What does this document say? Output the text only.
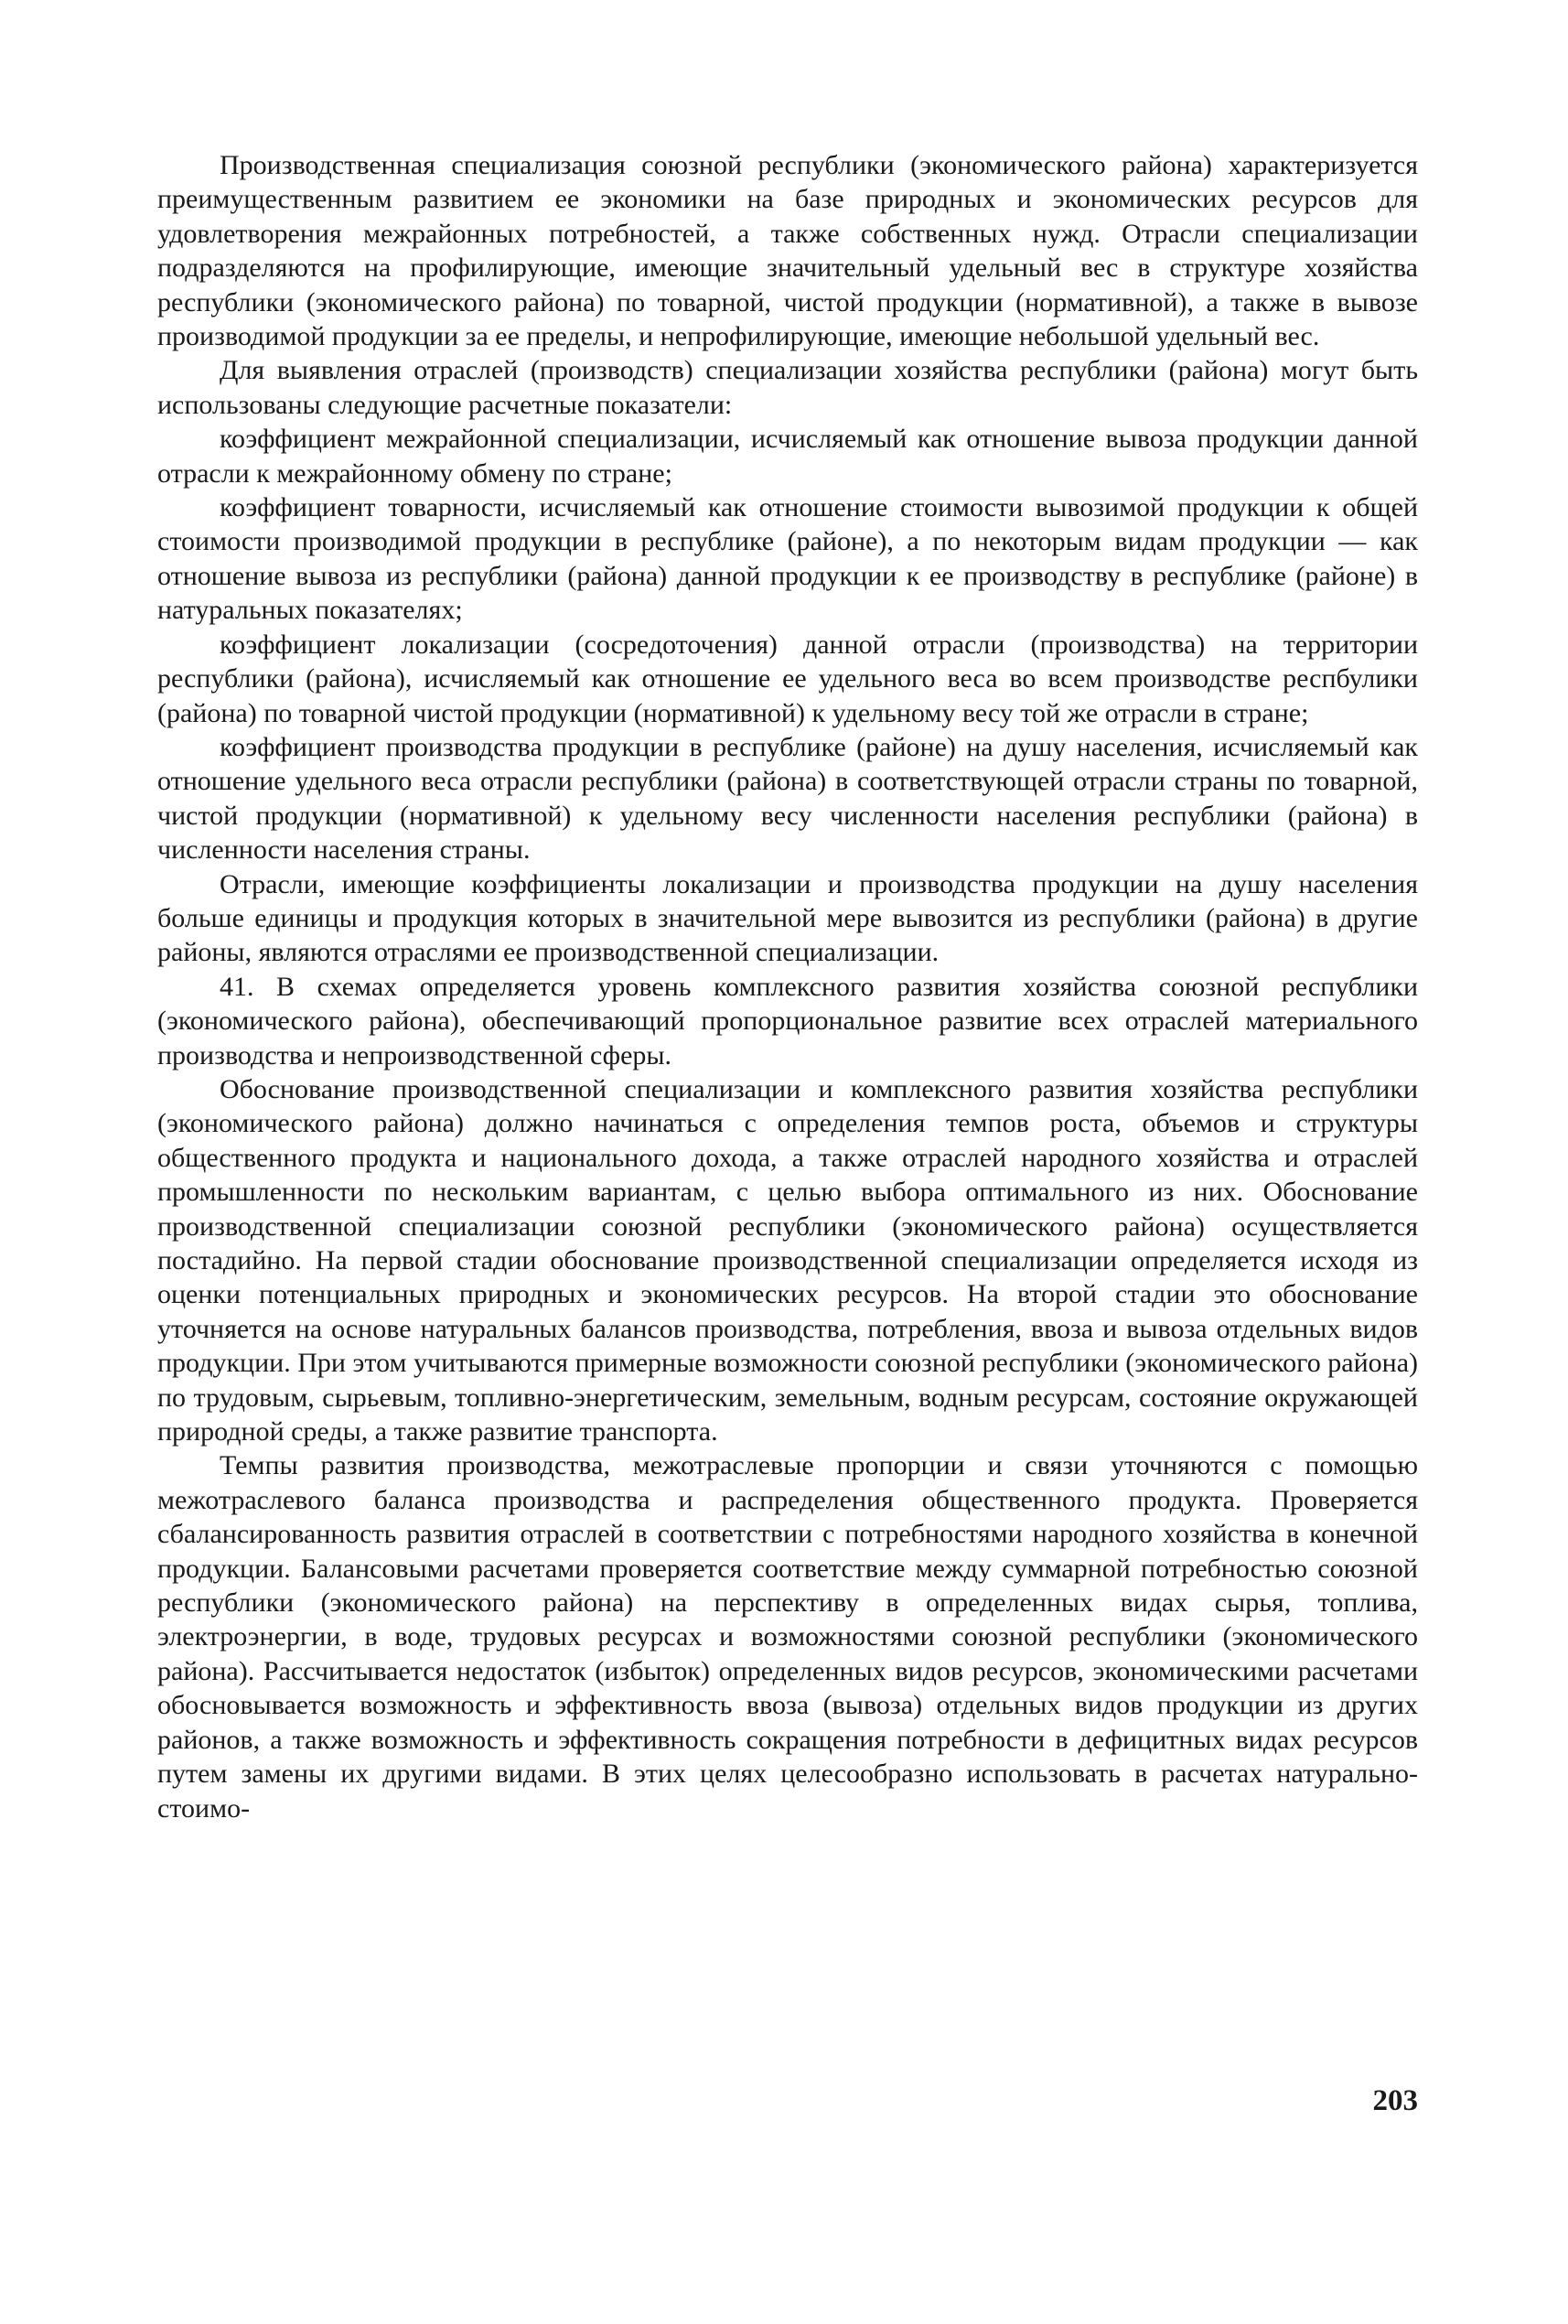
Производственная специализация союзной республики (экономического района) характеризуется преимущественным развитием ее экономики на базе природных и экономических ресурсов для удовлетворения межрайонных потребностей, а также собственных нужд. Отрасли специализации подразделяются на профилирующие, имеющие значительный удельный вес в структуре хозяйства республики (экономического района) по товарной, чистой продукции (нормативной), а также в вывозе производимой продукции за ее пределы, и непрофилирующие, имеющие небольшой удельный вес.

Для выявления отраслей (производств) специализации хозяйства республики (района) могут быть использованы следующие расчетные показатели:

коэффициент межрайонной специализации, исчисляемый как отношение вывоза продукции данной отрасли к межрайонному обмену по стране;

коэффициент товарности, исчисляемый как отношение стоимости вывозимой продукции к общей стоимости производимой продукции в республике (районе), а по некоторым видам продукции — как отношение вывоза из республики (района) данной продукции к ее производству в республике (районе) в натуральных показателях;

коэффициент локализации (сосредоточения) данной отрасли (производства) на территории республики (района), исчисляемый как отношение ее удельного веса во всем производстве респбулики (района) по товарной чистой продукции (нормативной) к удельному весу той же отрасли в стране;

коэффициент производства продукции в республике (районе) на душу населения, исчисляемый как отношение удельного веса отрасли республики (района) в соответствующей отрасли страны по товарной, чистой продукции (нормативной) к удельному весу численности населения республики (района) в численности населения страны.

Отрасли, имеющие коэффициенты локализации и производства продукции на душу населения больше единицы и продукция которых в значительной мере вывозится из республики (района) в другие районы, являются отраслями ее производственной специализации.

41. В схемах определяется уровень комплексного развития хозяйства союзной республики (экономического района), обеспечивающий пропорциональное развитие всех отраслей материального производства и непроизводственной сферы.

Обоснование производственной специализации и комплексного развития хозяйства республики (экономического района) должно начинаться с определения темпов роста, объемов и структуры общественного продукта и национального дохода, а также отраслей народного хозяйства и отраслей промышленности по нескольким вариантам, с целью выбора оптимального из них. Обоснование производственной специализации союзной республики (экономического района) осуществляется постадийно. На первой стадии обоснование производственной специализации определяется исходя из оценки потенциальных природных и экономических ресурсов. На второй стадии это обоснование уточняется на основе натуральных балансов производства, потребления, ввоза и вывоза отдельных видов продукции. При этом учитываются примерные возможности союзной республики (экономического района) по трудовым, сырьевым, топливно-энергетическим, земельным, водным ресурсам, состояние окружающей природной среды, а также развитие транспорта.

Темпы развития производства, межотраслевые пропорции и связи уточняются с помощью межотраслевого баланса производства и распределения общественного продукта. Проверяется сбалансированность развития отраслей в соответствии с потребностями народного хозяйства в конечной продукции. Балансовыми расчетами проверяется соответствие между суммарной потребностью союзной республики (экономического района) на перспективу в определенных видах сырья, топлива, электроэнергии, в воде, трудовых ресурсах и возможностями союзной республики (экономического района). Рассчитывается недостаток (избыток) определенных видов ресурсов, экономическими расчетами обосновывается возможность и эффективность ввоза (вывоза) отдельных видов продукции из других районов, а также возможность и эффективность сокращения потребности в дефицитных видах ресурсов путем замены их другими видами. В этих целях целесообразно использовать в расчетах натурально-стоимо-

203
